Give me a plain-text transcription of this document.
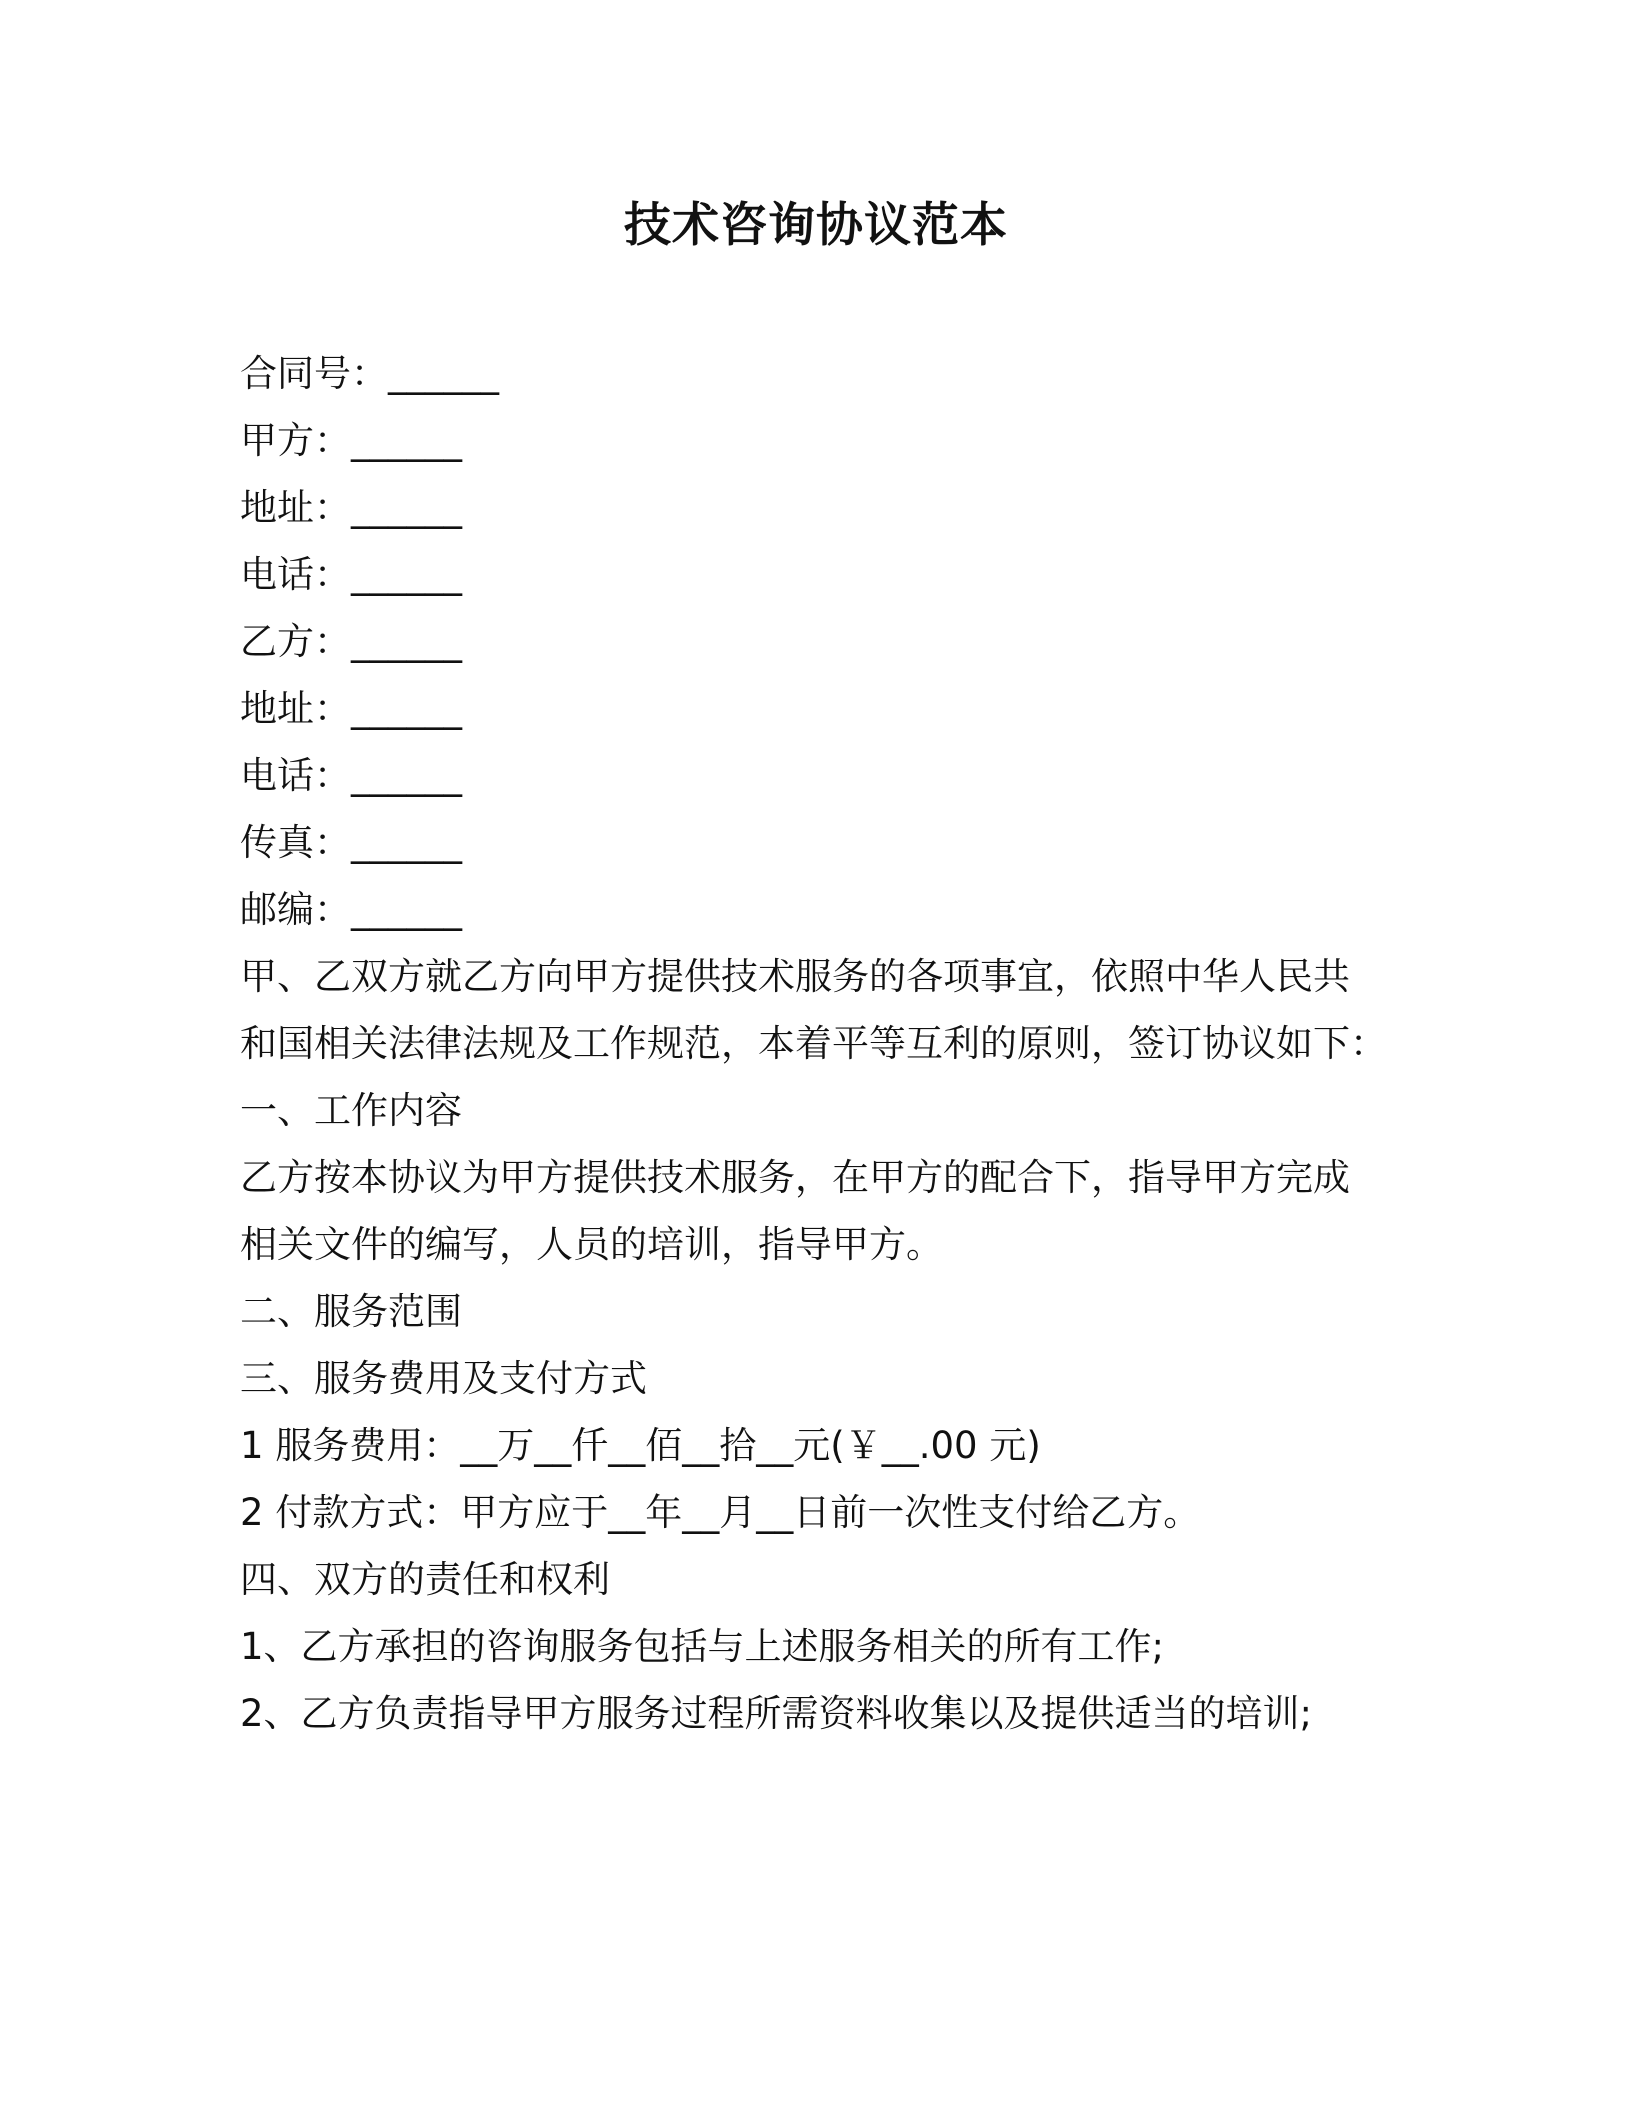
技术咨询协议范本
合同号：______
甲方：______
地址：______
电话：______
乙方：______
地址：______
电话：______
传真：______
邮编：______
甲、乙双方就乙方向甲方提供技术服务的各项事宜，依照中华人民共
和国相关法律法规及工作规范，本着平等互利的原则，签订协议如下：
一、工作内容
乙方按本协议为甲方提供技术服务，在甲方的配合下，指导甲方完成
相关文件的编写，人员的培训，指导甲方。
二、服务范围
三、服务费用及支付方式
1 服务费用：__万__仟__佰__拾__元(￥__.00 元)
2 付款方式：甲方应于__年__月__日前一次性支付给乙方。
四、双方的责任和权利
1、乙方承担的咨询服务包括与上述服务相关的所有工作;
2、乙方负责指导甲方服务过程所需资料收集以及提供适当的培训;
